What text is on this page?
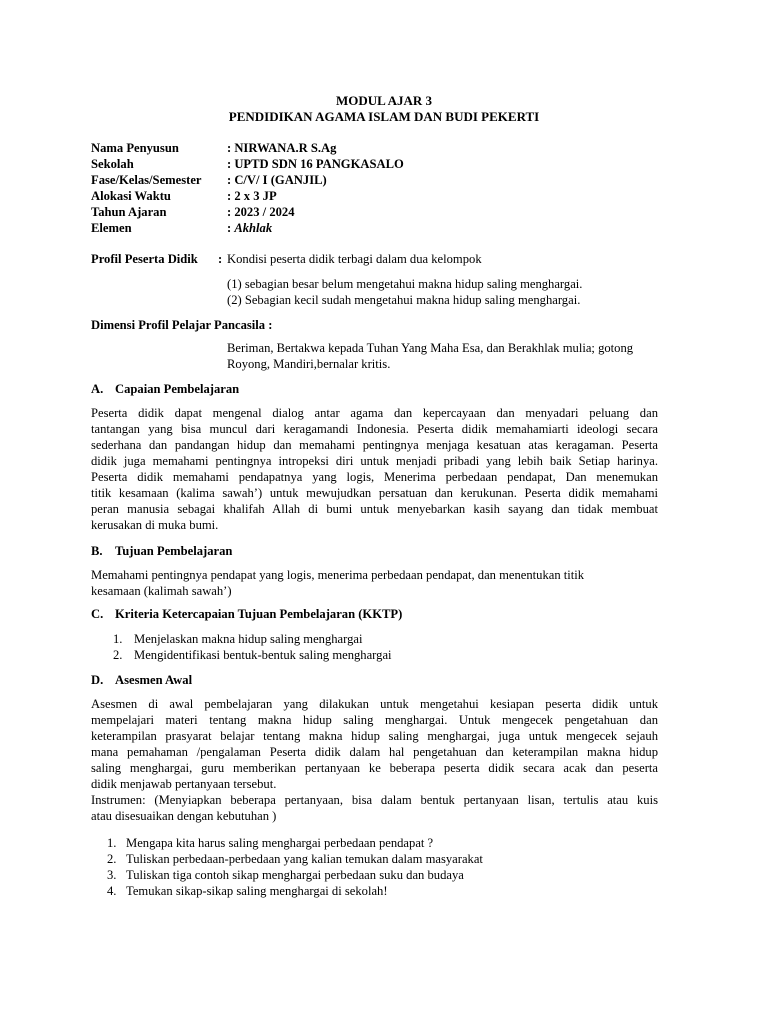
MODUL AJAR 3
PENDIDIKAN AGAMA ISLAM DAN BUDI PEKERTI
Nama Penyusun	: NIRWANA.R S.Ag
Sekolah	: UPTD SDN 16 PANGKASALO
Fase/Kelas/Semester : C/V/ I (GANJIL)
Alokasi Waktu	: 2 x 3 JP
Tahun Ajaran	: 2023 / 2024
Elemen	: Akhlak
Profil Peserta Didik : Kondisi peserta didik terbagi dalam dua kelompok
(1) sebagian besar belum mengetahui makna hidup saling menghargai.
(2) Sebagian kecil sudah mengetahui makna hidup saling menghargai.
Dimensi Profil Pelajar Pancasila :
Beriman, Bertakwa kepada Tuhan Yang Maha Esa, dan Berakhlak mulia; gotong
Royong, Mandiri,bernalar kritis.
A. Capaian Pembelajaran
Peserta didik dapat mengenal dialog antar agama dan kepercayaan dan menyadari peluang dan
tantangan yang bisa muncul dari keragamandi Indonesia. Peserta didik memahamiarti ideologi secara
sederhana dan pandangan hidup dan memahami pentingnya menjaga kesatuan atas keragaman. Peserta
didik juga memahami pentingnya intropeksi diri untuk menjadi pribadi yang lebih baik Setiap harinya.
Peserta didik memahami pendapatnya yang logis, Menerima perbedaan pendapat, Dan menemukan
titik kesamaan (kalima sawah’) untuk mewujudkan persatuan dan kerukunan. Peserta didik memahami
peran manusia sebagai khalifah Allah di bumi untuk menyebarkan kasih sayang dan tidak membuat
kerusakan di muka bumi.
B. Tujuan Pembelajaran
Memahami pentingnya pendapat yang logis, menerima perbedaan pendapat, dan menentukan titik
kesamaan (kalimah sawah’)
C. Kriteria Ketercapaian Tujuan Pembelajaran (KKTP)
1. Menjelaskan makna hidup saling menghargai
2. Mengidentifikasi bentuk-bentuk saling menghargai
D. Asesmen Awal
Asesmen di awal pembelajaran yang dilakukan untuk mengetahui kesiapan peserta didik untuk
mempelajari materi tentang makna hidup saling menghargai. Untuk mengecek pengetahuan dan
keterampilan prasyarat belajar tentang makna hidup saling menghargai, juga untuk mengecek sejauh
mana pemahaman /pengalaman Peserta didik dalam hal pengetahuan dan keterampilan makna hidup
saling menghargai, guru memberikan pertanyaan ke beberapa peserta didik secara acak dan peserta
didik menjawab pertanyaan tersebut.
Instrumen: (Menyiapkan beberapa pertanyaan, bisa dalam bentuk pertanyaan lisan, tertulis atau kuis
atau disesuaikan dengan kebutuhan )
1. Mengapa kita harus saling menghargai perbedaan pendapat ?
2. Tuliskan perbedaan-perbedaan yang kalian temukan dalam masyarakat
3. Tuliskan tiga contoh sikap menghargai perbedaan suku dan budaya
4. Temukan sikap-sikap saling menghargai di sekolah!
